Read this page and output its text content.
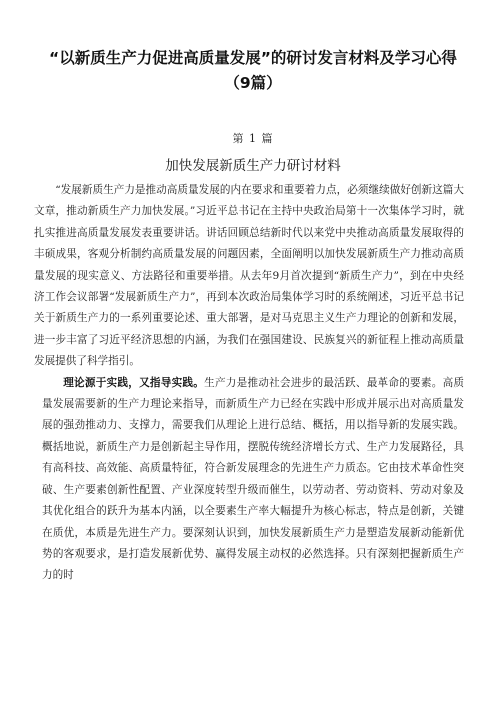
“以新质生产力促进高质量发展”的研讨发言材料及学习心得（9篇）
第 1 篇
加快发展新质生产力研讨材料

“发展新质生产力是推动高质量发展的内在要求和重要着力点，必须继续做好创新这篇大文章，推动新质生产力加快发展。”习近平总书记在主持中央政治局第十一次集体学习时，就扎实推进高质量发展发表重要讲话。讲话回顾总结新时代以来党中央推动高质量发展取得的丰硕成果，客观分析制约高质量发展的问题因素，全面阐明以加快发展新质生产力推动高质量发展的现实意义、方法路径和重要举措。从去年9月首次提到“新质生产力”，到在中央经济工作会议部署“发展新质生产力”，再到本次政治局集体学习时的系统阐述，习近平总书记关于新质生产力的一系列重要论述、重大部署，是对马克思主义生产力理论的创新和发展，进一步丰富了习近平经济思想的内涵，为我们在强国建设、民族复兴的新征程上推动高质量发展提供了科学指引。

理论源于实践，又指导实践。生产力是推动社会进步的最活跃、最革命的要素。高质量发展需要新的生产力理论来指导，而新质生产力已经在实践中形成并展示出对高质量发展的强劲推动力、支撑力，需要我们从理论上进行总结、概括，用以指导新的发展实践。概括地说，新质生产力是创新起主导作用，摆脱传统经济增长方式、生产力发展路径，具有高科技、高效能、高质量特征，符合新发展理念的先进生产力质态。它由技术革命性突破、生产要素创新性配置、产业深度转型升级而催生，以劳动者、劳动资料、劳动对象及其优化组合的跃升为基本内涵，以全要素生产率大幅提升为核心标志，特点是创新，关键在质优，本质是先进生产力。要深刻认识到，加快发展新质生产力是塑造发展新动能新优势的客观要求，是打造发展新优势、赢得发展主动权的必然选择。只有深刻把握新质生产力的时
